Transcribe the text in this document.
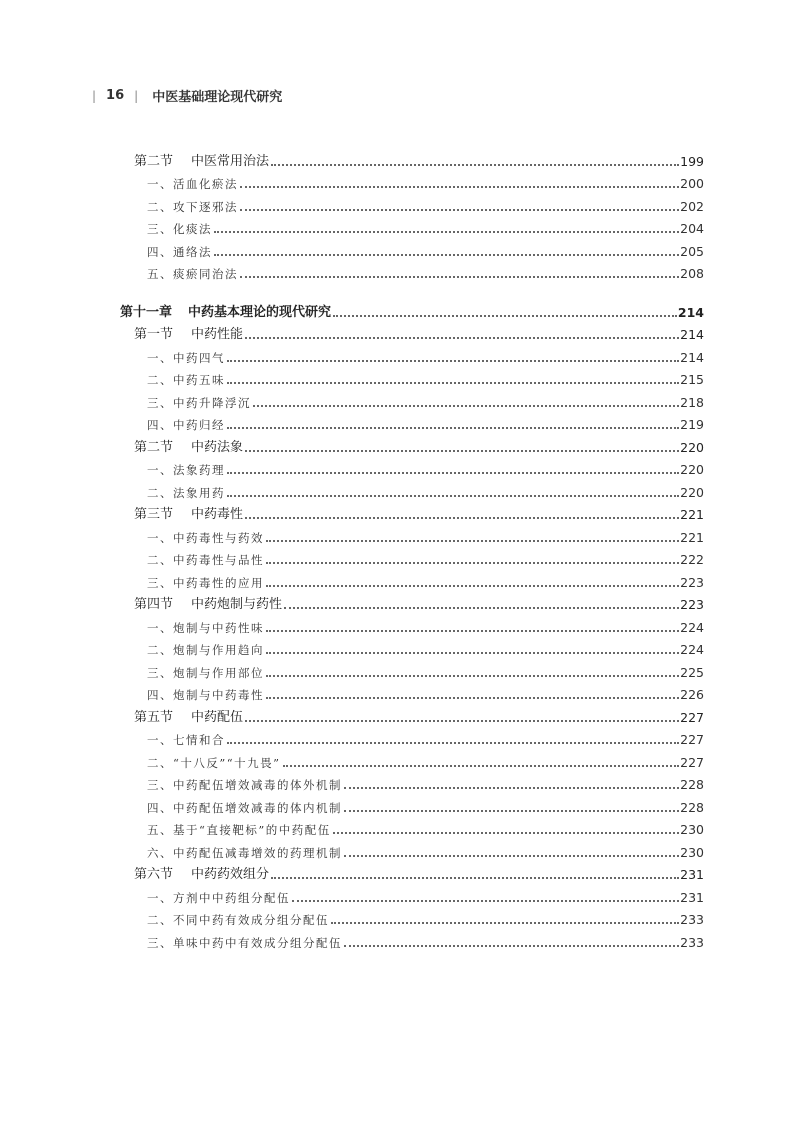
| 16 | 中医基础理论现代研究
第二节 中医常用治法	199
一、活血化瘀法	200
二、攻下逐邪法	202
三、化痰法	204
四、通络法	205
五、痰瘀同治法	208
第十一章 中药基本理论的现代研究	214
第一节 中药性能	214
一、中药四气	214
二、中药五味	215
三、中药升降浮沉	218
四、中药归经	219
第二节 中药法象	220
一、法象药理	220
二、法象用药	220
第三节 中药毒性	221
一、中药毒性与药效	221
二、中药毒性与品性	222
三、中药毒性的应用	223
第四节 中药炮制与药性	223
一、炮制与中药性味	224
二、炮制与作用趋向	224
三、炮制与作用部位	225
四、炮制与中药毒性	226
第五节 中药配伍	227
一、七情和合	227
二、“十八反”“十九畏”	227
三、中药配伍增效减毒的体外机制	228
四、中药配伍增效减毒的体内机制	228
五、基于“直接靶标”的中药配伍	230
六、中药配伍减毒增效的药理机制	230
第六节 中药药效组分	231
一、方剂中中药组分配伍	231
二、不同中药有效成分组分配伍	233
三、单味中药中有效成分组分配伍	233
